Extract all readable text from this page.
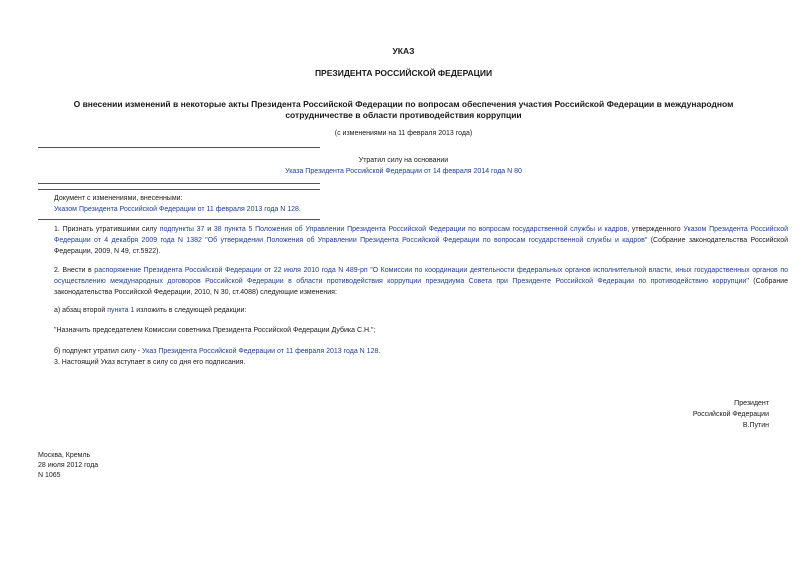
УКАЗ
ПРЕЗИДЕНТА РОССИЙСКОЙ ФЕДЕРАЦИИ
О внесении изменений в некоторые акты Президента Российской Федерации по вопросам обеспечения участия Российской Федерации в международном
сотрудничестве в области противодействия коррупции
(с изменениями на 11 февраля 2013 года)
Утратил силу на основании
Указа Президента Российской Федерации от 14 февраля 2014 года N 80
Документ с изменениями, внесенными:
Указом Президента Российской Федерации от 11 февраля 2013 года N 128.
1. Признать утратившими силу подпункты 37 и 38 пункта 5 Положения об Управлении Президента Российской Федерации по вопросам государственной службы и кадров, утвержденного Указом Президента Российской Федерации от 4 декабря 2009 года N 1382 "Об утверждении Положения об Управлении Президента Российской Федерации по вопросам государственной службы и кадров" (Собрание законодательства Российской Федерации, 2009, N 49, ст.5922).
2. Внести в распоряжение Президента Российской Федерации от 22 июля 2010 года N 489-рп "О Комиссии по координации деятельности федеральных органов исполнительной власти, иных государственных органов по осуществлению международных договоров Российской Федерации в области противодействия коррупции президиума Совета при Президенте Российской Федерации по противодействию коррупции" (Собрание законодательства Российской Федерации, 2010, N 30, ст.4088) следующие изменения:
а) абзац второй пункта 1 изложить в следующей редакции:
"Назначить председателем Комиссии советника Президента Российской Федерации Дубика С.Н.";
б) подпункт утратил силу - Указ Президента Российской Федерации от 11 февраля 2013 года N 128.
3. Настоящий Указ вступает в силу со дня его подписания.
Президент
Российской Федерации
В.Путин
Москва, Кремль
28 июля 2012 года
N 1065
